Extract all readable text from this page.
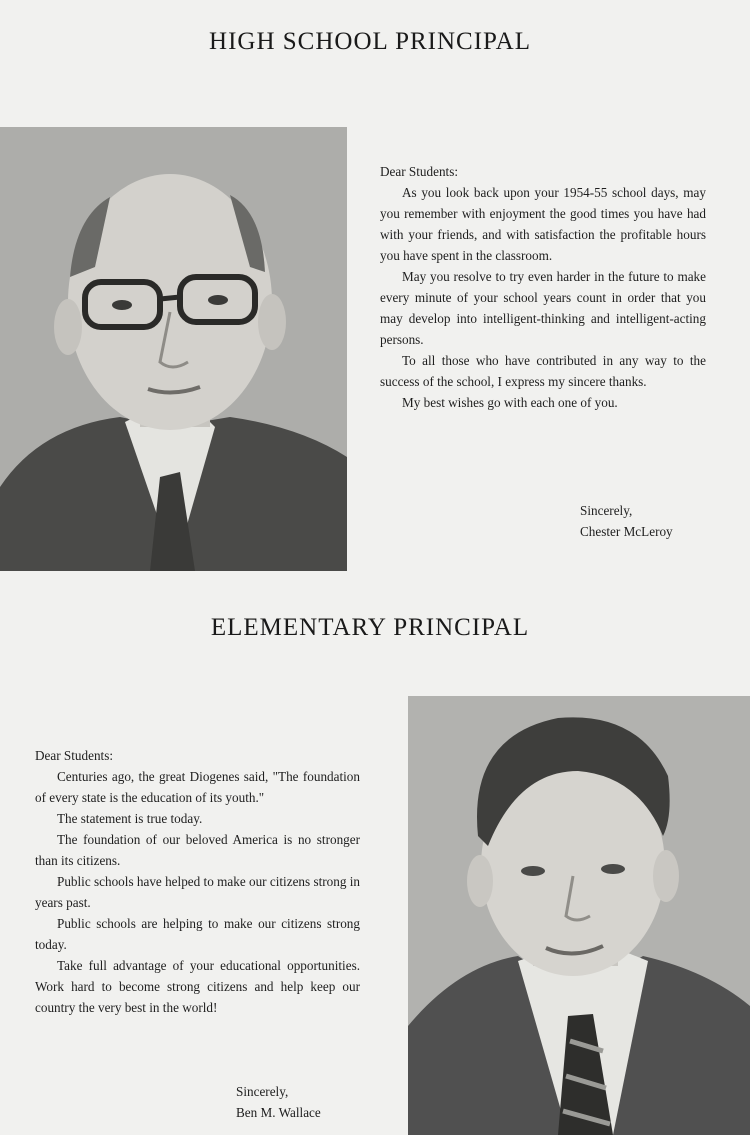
HIGH SCHOOL PRINCIPAL

Dear Students:

As you look back upon your 1954-55 school days, may you remember with enjoyment the good times you have had with your friends, and with satisfaction the profitable hours you have spent in the classroom.

May you resolve to try even harder in the future to make every minute of your school years count in order that you may develop into intelligent-thinking and intelligent-acting persons.

To all those who have contributed in any way to the success of the school, I express my sincere thanks.

My best wishes go with each one of you.

Sincerely,
Chester McLeroy
ELEMENTARY PRINCIPAL

Dear Students:

Centuries ago, the great Diogenes said, "The foundation of every state is the education of its youth."

The statement is true today.

The foundation of our beloved America is no stronger than its citizens.

Public schools have helped to make our citizens strong in years past.

Public schools are helping to make our citizens strong today.

Take full advantage of your educational opportunities. Work hard to become strong citizens and help keep our country the very best in the world!

Sincerely,
Ben M. Wallace
